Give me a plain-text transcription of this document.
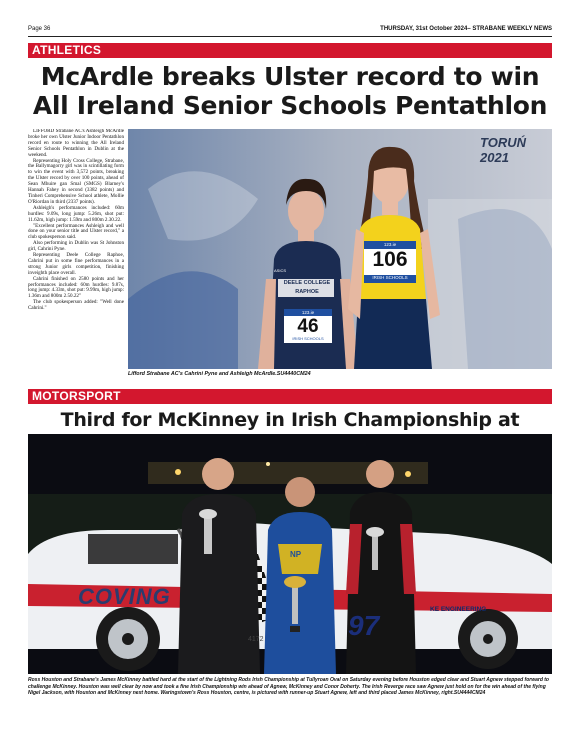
Page 36	THURSDAY, 31st October 2024– STRABANE WEEKLY NEWS
ATHLETICS
McArdle breaks Ulster record to win All Ireland Senior Schools Pentathlon

LIFFORD Strabane AC's Ashleigh McArdle broke her own Ulster Junior Indoor Pentathlon record en route to winning the All Ireland Senior Schools Pentathlon in Dublin at the weekend.

Representing Holy Cross College, Strabane, the Ballymagorry girl was in scintillating form to win the event with 3,572 points, breaking the Ulster record by over 100 points, ahead of Sean Mhuire gan Smal (SMGS) Blarney's Hannah Fahey in second (3382 points) and Tinheri Comprehensive School athlete, Mollie O'Riordan in third (2337 points).

Ashleigh's performances included: 60m hurdles: 9.09s, long jump: 5.26m, shot put: 11.62m, high jump: 1.59m and 800m 2.30.22.

"Excellent performances Ashleigh and well done on your senior title and Ulster record," a club spokesperson said.

Also performing in Dublin was St Johnston girl, Cahrini Pyne.

Representing Deele College Raphoe, Cahrini put in some fine performances in a strong Junior girls competition, finishing inveighth place overall.

Cahrini finished on 2580 points and her performances included: 60m hurdles: 9.87s, long jump: 4.33m, shot put: 9.99m, high jump: 1.36m and 800m 2.50.22"

The club spokesperson added: "Well done Cahrini."

TORUŃ 2021
DEELE COLLEGE RAPHOE
ASICS
123.ie
46
IRISH SCHOOLS
123.ie
106
IRISH SCHOOLS
Lifford Strabane AC's Cahrini Pyne and Ashleigh McArdle.SU4440CM24
MOTORSPORT
Third for McKinney in Irish Championship at
COVING
KE ENGINEERING
97
4172
NP
Ross Houston and Strabane's James McKinney battled hard at the start of the Lightning Rods Irish Championship at Tullyroan Oval on Saturday evening before Houston edged clear and Stuart Agnew stepped forward to challenge McKinney. Houston was well clear by now and took a fine Irish Championship win ahead of Agnew, McKinney and Conor Doherty. The Irish Reverge race saw Agnew just hold on for the win ahead of the flying Nigel Jackson, with Houston and McKinney next home. Waringstown's Ross Houston, centre, is pictured with runner-up Stuart Agnew, left and third placed James McKinney, right.SU4444CM24
